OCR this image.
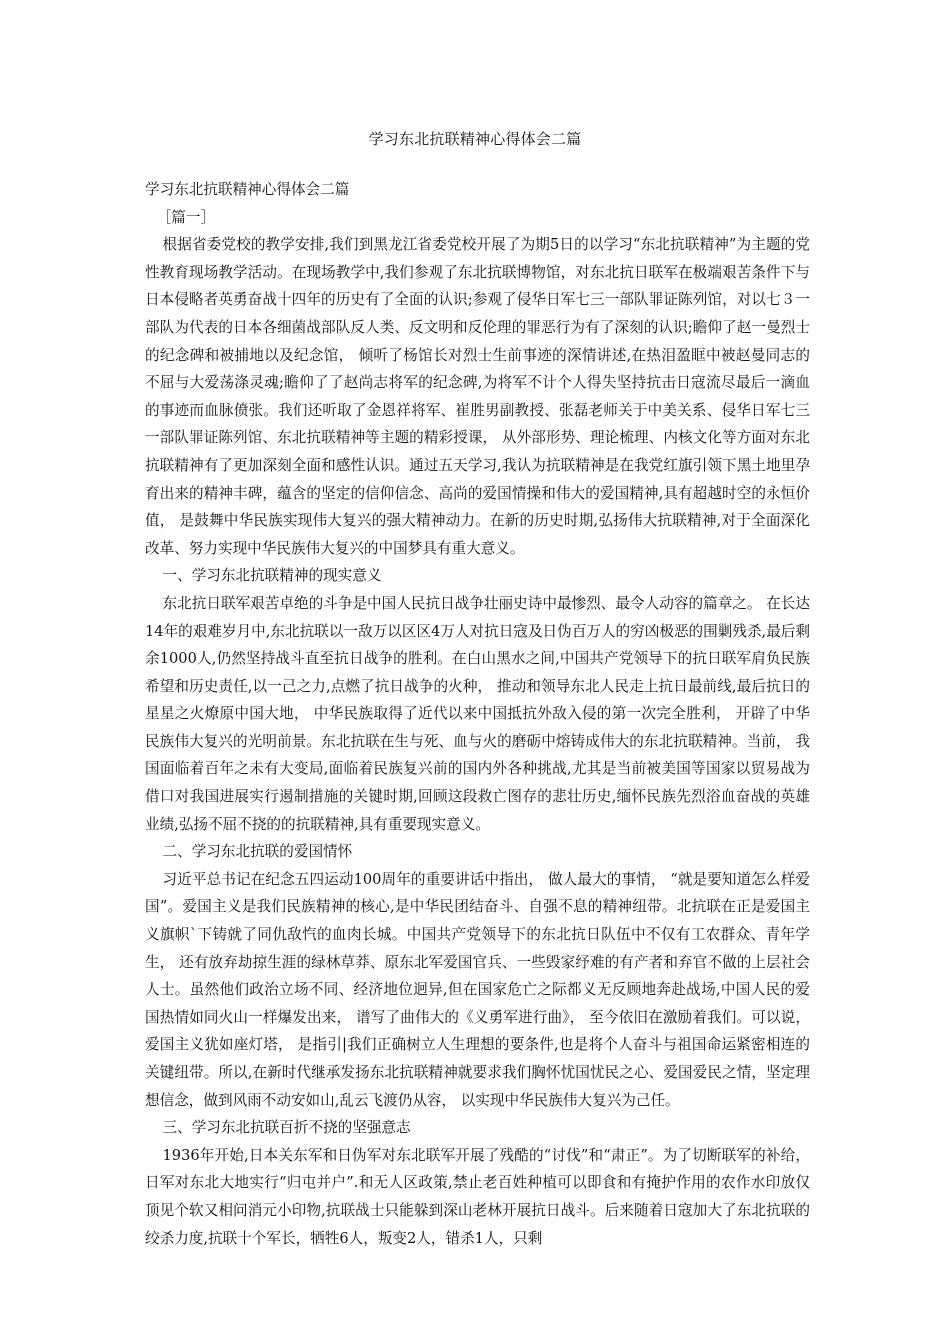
学习东北抗联精神心得体会二篇

学习东北抗联精神心得体会二篇

［篇一］

根据省委党校的教学安排,我们到黑龙江省委党校开展了为期5日的以学习“东北抗联精神”为主题的党性教育现场教学活动。在现场教学中,我们参观了东北抗联博物馆，对东北抗日联军在极端艰苦条件下与日本侵略者英勇奋战十四年的历史有了全面的认识;参观了侵华日军七三一部队罪证陈列馆，对以七３一 部队为代表的日本各细菌战部队反人类、反文明和反伦理的罪恶行为有了深刻的认识;瞻仰了赵一曼烈士的纪念碑和被捕地以及纪念馆， 倾听了杨馆长对烈士生前事迹的深情讲述,在热泪盈眶中被赵曼同志的不屈与大爱荡涤灵魂;瞻仰了了赵尚志将军的纪念碑,为将军不计个人得失坚持抗击日寇流尽最后一滴血的事迹而血脉偾张。我们还听取了金恩祥将军、崔胜男副教授、张磊老师关于中美关系、侵华日军七三一部队罪证陈列馆、东北抗联精神等主题的精彩授课， 从外部形势、理论梳理、内核文化等方面对东北抗联精神有了更加深刻全面和感性认识。通过五天学习,我认为抗联精神是在我党红旗引领下黑土地里孕育出来的精神丰碑，蕴含的坚定的信仰信念、高尚的爱国情操和伟大的爱国精神,具有超越时空的永恒价值， 是鼓舞中华民族实现伟大复兴的强大精神动力。在新的历史时期,弘扬伟大抗联精神,对于全面深化改革、努力实现中华民族伟大复兴的中国梦具有重大意义。

一、学习东北抗联精神的现实意义

东北抗日联军艰苦卓绝的斗争是中国人民抗日战争壮丽史诗中最惨烈、最令人动容的篇章之。 在长达14年的艰难岁月中,东北抗联以一敌万以区区4万人对抗日寇及日伪百万人的穷凶极恶的围剿残杀,最后剩余1000人,仍然坚持战斗直至抗日战争的胜利。在白山黑水之间,中国共产党领导下的抗日联军肩负民族希望和历史责任,以一己之力,点燃了抗日战争的火种， 推动和领导东北人民走上抗日最前线,最后抗日的星星之火燎原中国大地， 中华民族取得了近代以来中国抵抗外敌入侵的第一次完全胜利， 开辟了中华民族伟大复兴的光明前景。东北抗联在生与死、血与火的磨砺中熔铸成伟大的东北抗联精神。当前， 我国面临着百年之未有大变局,面临着民族复兴前的国内外各种挑战,尤其是当前被美国等国家以贸易战为借口对我国进展实行遏制措施的关键时期,回顾这段救亡图存的悲壮历史,缅怀民族先烈浴血奋战的英雄业绩,弘扬不屈不挠的的抗联精神,具有重要现实意义。

二、学习东北抗联的爱国情怀

习近平总书记在纪念五四运动100周年的重要讲话中指出， 做人最大的事情， “就是要知道怎么样爱国”。爱国主义是我们民族精神的核心,是中华民团结奋斗、自强不息的精神纽带。北抗联在正是爱国主义旗帜`下铸就了同仇敌忾的血肉长城。中国共产党领导下的东北抗日队伍中不仅有工农群众、青年学生， 还有放弃劫掠生涯的绿林草莽、原东北军爱国官兵、一些毁家纾难的有产者和弃官不做的上层社会人士。虽然他们政治立场不同、经济地位迥异,但在国家危亡之际都义无反顾地奔赴战场,中国人民的爱国热情如同火山一样爆发出来， 谱写了曲伟大的《义勇军进行曲》， 至今依旧在激励着我们。可以说， 爱国主义犹如座灯塔， 是指引|我们正确树立人生理想的要条件,也是将个人奋斗与祖国命运紧密相连的关键纽带。所以,在新时代继承发扬东北抗联精神就要求我们胸怀忧国忧民之心、爱国爱民之情，坚定理想信念，做到风雨不动安如山,乱云飞渡仍从容， 以实现中华民族伟大复兴为己任。

三、学习东北抗联百折不挠的坚强意志

1936年开始,日本关东军和日伪军对东北联军开展了残酷的“讨伐”和“肃正”。为了切断联军的补给，日军对东北大地实行“归屯并户”.和无人区政策,禁止老百姓种植可以即食和有掩护作用的农作水印放仅顶见个软又相问消元小印物,抗联战士只能躲到深山老林开展抗日战斗。后来随着日寇加大了东北抗联的绞杀力度,抗联十个军长，牺牲6人，叛变2人，错杀1人，只剩
